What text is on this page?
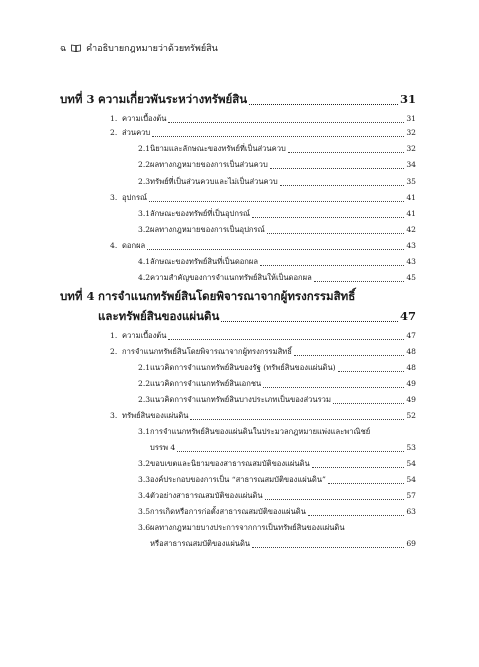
ฉ คำอธิบายกฎหมายว่าด้วยทรัพย์สิน
บทที่ 3 ความเกี่ยวพันระหว่างทรัพย์สิน	31
1. ความเบื้องต้น	31
2. ส่วนควบ	32
2.1 นิยามและลักษณะของทรัพย์ที่เป็นส่วนควบ	32
2.2 ผลทางกฎหมายของการเป็นส่วนควบ	34
2.3 ทรัพย์ที่เป็นส่วนควบและไม่เป็นส่วนควบ	35
3. อุปกรณ์	41
3.1 ลักษณะของทรัพย์ที่เป็นอุปกรณ์	41
3.2 ผลทางกฎหมายของการเป็นอุปกรณ์	42
4. ดอกผล	43
4.1 ลักษณะของทรัพย์สินที่เป็นดอกผล	43
4.2 ความสำคัญของการจำแนกทรัพย์สินให้เป็นดอกผล	45
บทที่ 4 การจำแนกทรัพย์สินโดยพิจารณาจากผู้ทรงกรรมสิทธิ์
และทรัพย์สินของแผ่นดิน	47
1. ความเบื้องต้น	47
2. การจำแนกทรัพย์สินโดยพิจารณาจากผู้ทรงกรรมสิทธิ์	48
2.1 แนวคิดการจำแนกทรัพย์สินของรัฐ (ทรัพย์สินของแผ่นดิน)	48
2.2 แนวคิดการจำแนกทรัพย์สินเอกชน	49
2.3 แนวคิดการจำแนกทรัพย์สินบางประเภทเป็นของส่วนรวม	49
3. ทรัพย์สินของแผ่นดิน	52
3.1 การจำแนกทรัพย์สินของแผ่นดินในประมวลกฎหมายแพ่งและพาณิชย์
บรรพ 4	53
3.2 ขอบเขตและนิยามของสาธารณสมบัติของแผ่นดิน	54
3.3 องค์ประกอบของการเป็น “สาธารณสมบัติของแผ่นดิน”	54
3.4 ตัวอย่างสาธารณสมบัติของแผ่นดิน	57
3.5 การเกิดหรือการก่อตั้งสาธารณสมบัติของแผ่นดิน	63
3.6 ผลทางกฎหมายบางประการจากการเป็นทรัพย์สินของแผ่นดิน
หรือสาธารณสมบัติของแผ่นดิน	69
